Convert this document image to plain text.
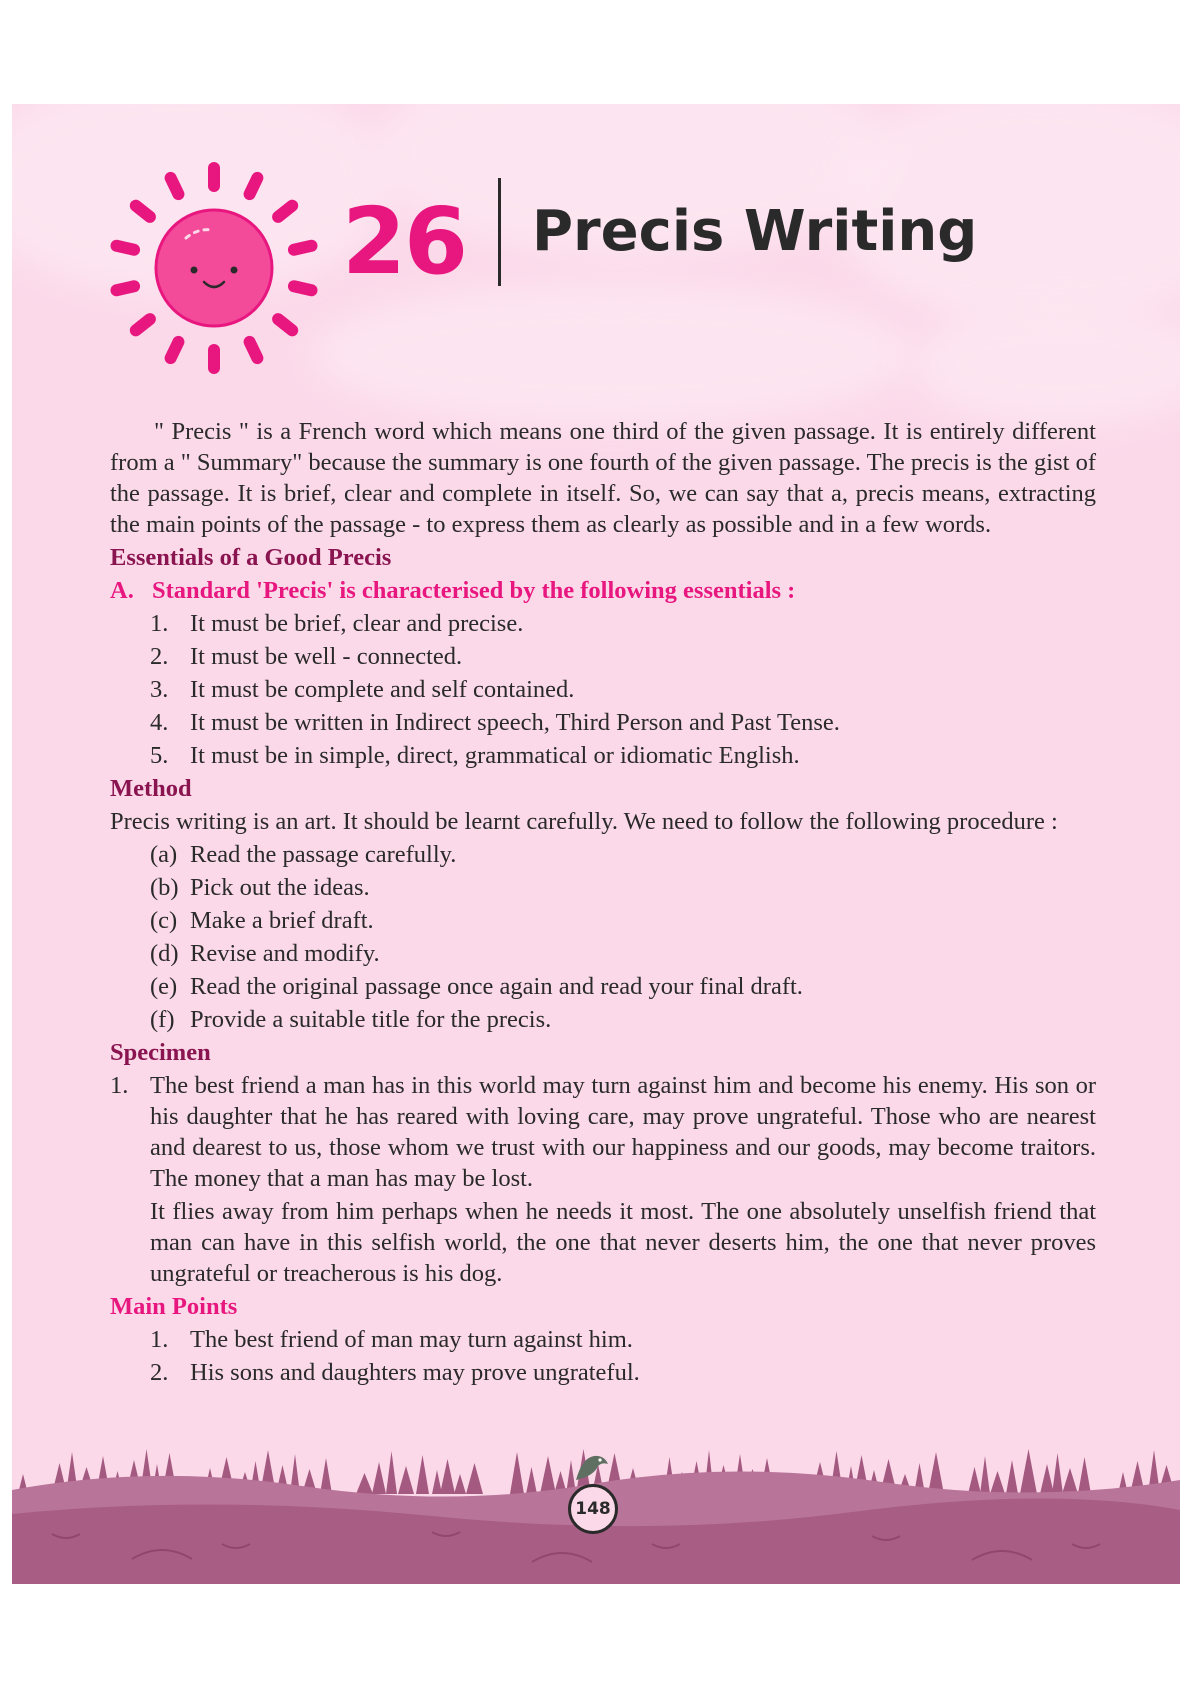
26 Precis Writing

" Precis " is a French word which means one third of the given passage. It is entirely different from a " Summary" because the summary is one fourth of the given passage. The precis is the gist of the passage. It is brief, clear and complete in itself. So, we can say that a, precis means, extracting the main points of the passage - to express them as clearly as possible and in a few words.

Essentials of a Good Precis
A. Standard 'Precis' is characterised by the following essentials :
1. It must be brief, clear and precise.
2. It must be well - connected.
3. It must be complete and self contained.
4. It must be written in Indirect speech, Third Person and Past Tense.
5. It must be in simple, direct, grammatical or idiomatic English.
Method

Precis writing is an art. It should be learnt carefully. We need to follow the following procedure :

(a) Read the passage carefully.
(b) Pick out the ideas.
(c) Make a brief draft.
(d) Revise and modify.
(e) Read the original passage once again and read your final draft.
(f) Provide a suitable title for the precis.
Specimen
1. The best friend a man has in this world may turn against him and become his enemy. His son or his daughter that he has reared with loving care, may prove ungrateful. Those who are nearest and dearest to us, those whom we trust with our happiness and our goods, may become traitors. The money that a man has may be lost.

It flies away from him perhaps when he needs it most. The one absolutely unselfish friend that man can have in this selfish world, the one that never deserts him, the one that never proves ungrateful or treacherous is his dog.

Main Points
1. The best friend of man may turn against him.
2. His sons and daughters may prove ungrateful.
148
